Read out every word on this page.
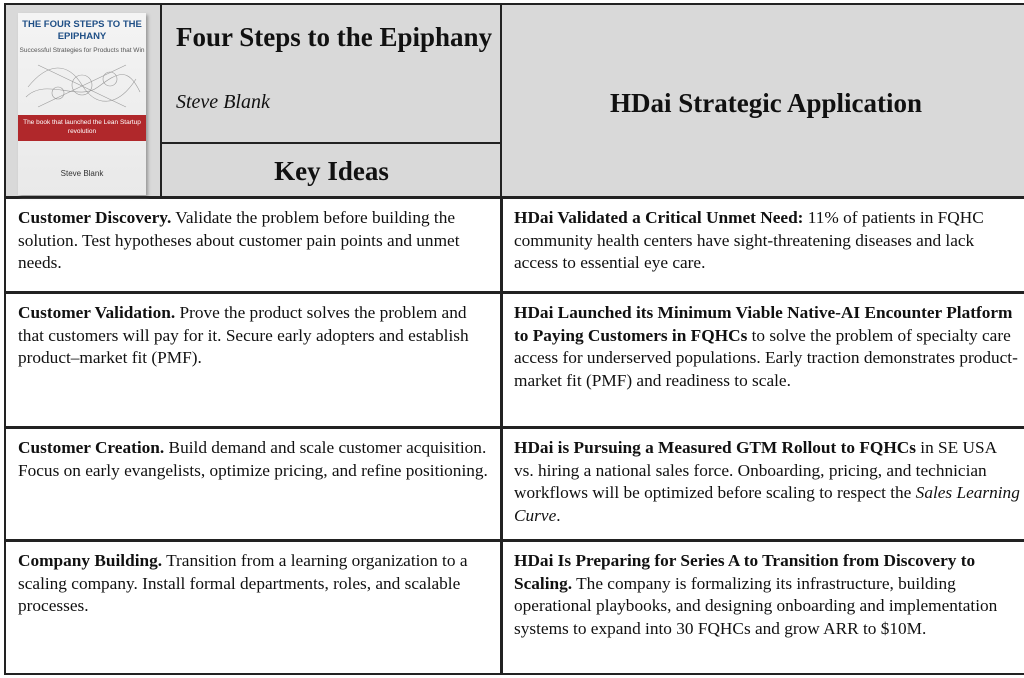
THE FOUR STEPS TO THE EPIPHANY
Successful Strategies for Products that Win
The book that launched the Lean Startup revolution
Steve Blank
Four Steps to the Epiphany
Steve Blank
Key Ideas
HDai Strategic Application
Customer Discovery. Validate the problem before building the solution. Test hypotheses about customer pain points and unmet needs.
HDai Validated a Critical Unmet Need: 11% of patients in FQHC community health centers have sight-threatening diseases and lack access to essential eye care.
Customer Validation. Prove the product solves the problem and that customers will pay for it. Secure early adopters and establish product–market fit (PMF).
HDai Launched its Minimum Viable Native-AI Encounter Platform to Paying Customers in FQHCs to solve the problem of specialty care access for underserved populations. Early traction demonstrates product-market fit (PMF) and readiness to scale.
Customer Creation. Build demand and scale customer acquisition. Focus on early evangelists, optimize pricing, and refine positioning.
HDai is Pursuing a Measured GTM Rollout to FQHCs in SE USA vs. hiring a national sales force. Onboarding, pricing, and technician workflows will be optimized before scaling to respect the Sales Learning Curve.
Company Building. Transition from a learning organization to a scaling company. Install formal departments, roles, and scalable processes.
HDai Is Preparing for Series A to Transition from Discovery to Scaling. The company is formalizing its infrastructure, building operational playbooks, and designing onboarding and implementation systems to expand into 30 FQHCs and grow ARR to $10M.
